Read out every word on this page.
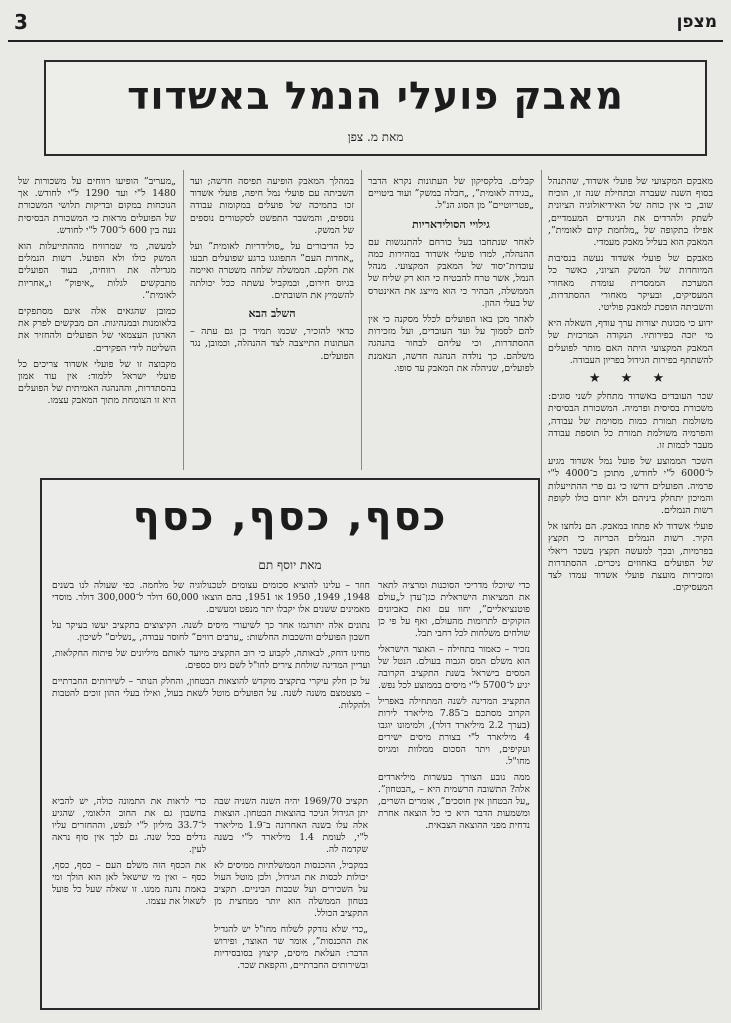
3	מצפן
מאבק פועלי הנמל באשדוד
מאת מ. צפן

מאבקם המקצועי של פועלי אשדוד, שהתנהל בסוף השנה שעברה ובתחילת שנה זו, הוכיח שוב, כי אין כוחה של האידיאולוגיה הציונית לשתק ולהרדים את הניגודים המעמדיים, אפילו בתקופה של „מלחמת קיום לאומית”, המאבק הוא בעליל מאבק מעמדי.

מאבקם של פועלי אשדוד נעשה בנסיבות המיוחדות של המשק הציוני, כאשר כל המערכת הממסדית עומדת מאחורי המעסיקים, ובעיקר מאחורי ההסתדרות, והשביתה הופכת למאבק פוליטי.

ידוע כי מכונות יצורות ערך עודף, השאלה היא מי יזכה בפירותיו. הנקודה המרכזית של המאבק המקצועי היתה האם מותר לפועלים להשתתף בפירות הגידול בפריון העבודה.

★ ★ ★

שכר העובדים באשדוד מתחלק לשני סוגים: משכורת בסיסית ופרמיה. המשכורת הבסיסית משולמת תמורת כמות מסוימת של עבודה, והפרמיה משולמת תמורת כל תוספת עבודה מעבר לכמות זו.

השכר הממוצע של פועל נמל אשדוד מגיע ל־6000 ל"י לחודש, מתוכן כ־4000 ל"י פרמיה. הפועלים דרשו כי גם פרי ההתייעלות והמיכון יתחלק ביניהם ולא יזרום כולו לקופת רשות הנמלים.

פועלי אשדוד לא פתחו במאבק. הם נלחצו אל הקיר. רשות הנמלים הכריזה כי תקצץ בפרמיות, ובכך למעשה תקצץ בשכר ריאלי של הפועלים באחוזים ניכרים. ההסתדרות ומזכירות מועצת פועלי אשדוד עמדו לצד המעסיקים.

קבלים. בלקסיקון של העתונות נקרא הדבר „בגידה לאומית”, „חבלה במשק” ועוד ביטויים „פטריוטיים” מן הסוג הנ"ל.

גילויי הסולידאריות

לאחר שנתחבו בעל כורחם להתנגשות עם ההנהלה, למדו פועלי אשדוד במהירות כמה עובדות־יסוד של המאבק המקצועי. מנהל הנמל, אשר טרח להבטיח כי הוא רק שליח של הממשלה, הבהיר כי הוא מייצג את האינטרס של בעלי ההון.

לאחר מכן באו הפועלים לכלל מסקנה כי אין להם לסמוך על ועד העובדים, ועל מזכירות ההסתדרות, וכי עליהם לבחור בהנהגה משלהם. כך נולדה הנהגה חדשה, הנאמנת לפועלים, שניהלה את המאבק עד סופו.

במהלך המאבק הופיעה תפיסה חדשה; ועד השביתה עם פועלי נמל חיפה, פועלי אשדוד זכו בתמיכה של פועלים במקומות עבודה נוספים, והמשבר התפשט לסקטורים נוספים של המשק.

כל הדיבורים על „סולידריות לאומית” ועל „אחדות העם” התפוגגו ברגע שפועלים תבעו את חלקם. הממשלה שלחה משטרה ואיימה בגיוס חירום, ובמקביל עשתה ככל יכולתה להשמיץ את השובתים.

השלב הבא

כדאי להזכיר, שכמו תמיד כן גם עתה – העתונות התייצבה לצד ההנהלה, וכמובן, נגד הפועלים.

„מעריב” הופיעו רווחים על משכורות של 1480 ל"י ועד 1290 ל"י לחודש. אך הנוכחות במקום ובדיקות תלושי המשכורת של הפועלים מראות כי המשכורת הבסיסית נעה בין 600 ל־700 ל"י לחודש.

למעשה, מי שמרוויח מההתייעלות הוא המשק כולו ולא הפועל. רשות הנמלים מגדילה את רווחיה, בעוד הפועלים מתבקשים לגלות „איפוק” ו„אחריות לאומית”.

כמובן שהגאים אלה אינם מסתפקים בלאומנות ובמנהיגות. הם מבקשים לפרק את הארגון העצמאי של הפועלים ולהחזיר את השליטה לידי הפקידים.

מקבוצה זו של פועלי אשדוד צריכים כל פועלי ישראל ללמוד: אין עוד אמון בהסתדרות, וההנהגה האמיתית של הפועלים היא זו הצומחת מתוך המאבק עצמו.

כסף, כסף, כסף
מאת יוסף תם

כדי שיוכלו מדריכי הסוכנות ומרציה לתאר את המציאות הישראלית כגן־עדן ל„עולם פוטנציאליים”, יחוו עם זאת כאביונים הזקוקים לתרומות מהעולם, ואף על פי כן שולחים משלחות לכל רחבי תבל.

נזכיר – כאמור בתחילה – האוצר הישראלי הוא משלם המס הגבוה בעולם. הנטל של המסים בישראל בשנת התקציב הקרובה יגיע ל־5700 ל"י מיסים בממוצע לכל נפש.

התקציב המדינה לשנה המתחילה באפריל הקרוב מסתכם ב־7.85 מיליארד לירות (בערך 2.2 מיליארד דולר), ולמימונו יוגבו 4 מיליארד ל"י בצורת מיסים ישירים ועקיפים, ויתר הסכום ממלוות ומגיוס מחו"ל.

ממה נובע הצורך בעשרות מיליארדים אלה? התשובה הרשמית היא – „הבטחון”. „על הבטחון אין חוסכים”, אומרים השרים, ומשמעות הדבר היא כי כל הוצאה אחרת נדחית מפני ההוצאה הצבאית.

תקציב 1969/70 יהיה השנה השניה שבה יתן הגידול הניכר בהוצאות הבטחון. הוצאות אלה עלו בשנה האחרונה ב־1.9 מיליארד ל"י, לעומת 1.4 מיליארד ל"י בשנה שקדמה לה.

במקביל, ההכנסות הממשלתיות ממיסים לא יכולות לכסות את הגידול, ולכן מוטל העול על השכירים ועל שכבות הביניים. תקציב בטחון הממשלה הוא יותר ממחצית מן התקציב הכולל.

„כדי שלא נזדקק לשלוח מחו"ל יש להגדיל את ההכנסות”, אומר שר האוצר, ופירוש הדבר: העלאת מיסים, קיצוץ בסובסידיות ובשירותים החברתיים, והקפאת שכר.

חוזר – עלינו להוציא סכומים עצומים לטכנולוגיה של מלחמה. כפי שעולה לנו בשנים 1948, 1949, 1950 או 1951, בהם הוצאו 60,000 דולר ל־300,000 דולר. מוסדי מאמינים ששנים אלו יקבלו יתר מנפט ומעשים.

נתונים אלה יתורגמו אחר כך לשיעורי מיסים לשנה. הקיצוצים בתקציב יעשו בעיקר על חשבון הפועלים והשכבות החלשות: „ערבים רווים” לחוסר עבודה, „נשלים” לשיכון.

מחינו דוחק, לבאותה, לקבוע כי רוב התקציב מיועד לאותם מיליונים של פיתוח החקלאות, ועדיין המדינה שולחת צירים לחו"ל לשם גיוס כספים.

על כן חלק עיקרי בתקציב מוקדש להוצאות הבטחון, והחלק הנותר – לשירותים החברתיים – מצטמצם משנה לשנה. על הפועלים מוטל לשאת בעול, ואילו בעלי ההון זוכים להטבות ולהקלות.

כדי לראות את התמונה כולה, יש להביא בחשבון גם את החוב הלאומי, שהגיע ל־33.7 מיליון ל"י לנפש, וההחזרים עליו גדלים בכל שנה. גם לכך אין סוף נראה לעין.

את הכסף הזה משלם העם – כסף, כסף, כסף – ואין מי שישאל לאן הוא הולך ומי באמת נהנה ממנו. זו שאלה שעל כל פועל לשאול את עצמו.
